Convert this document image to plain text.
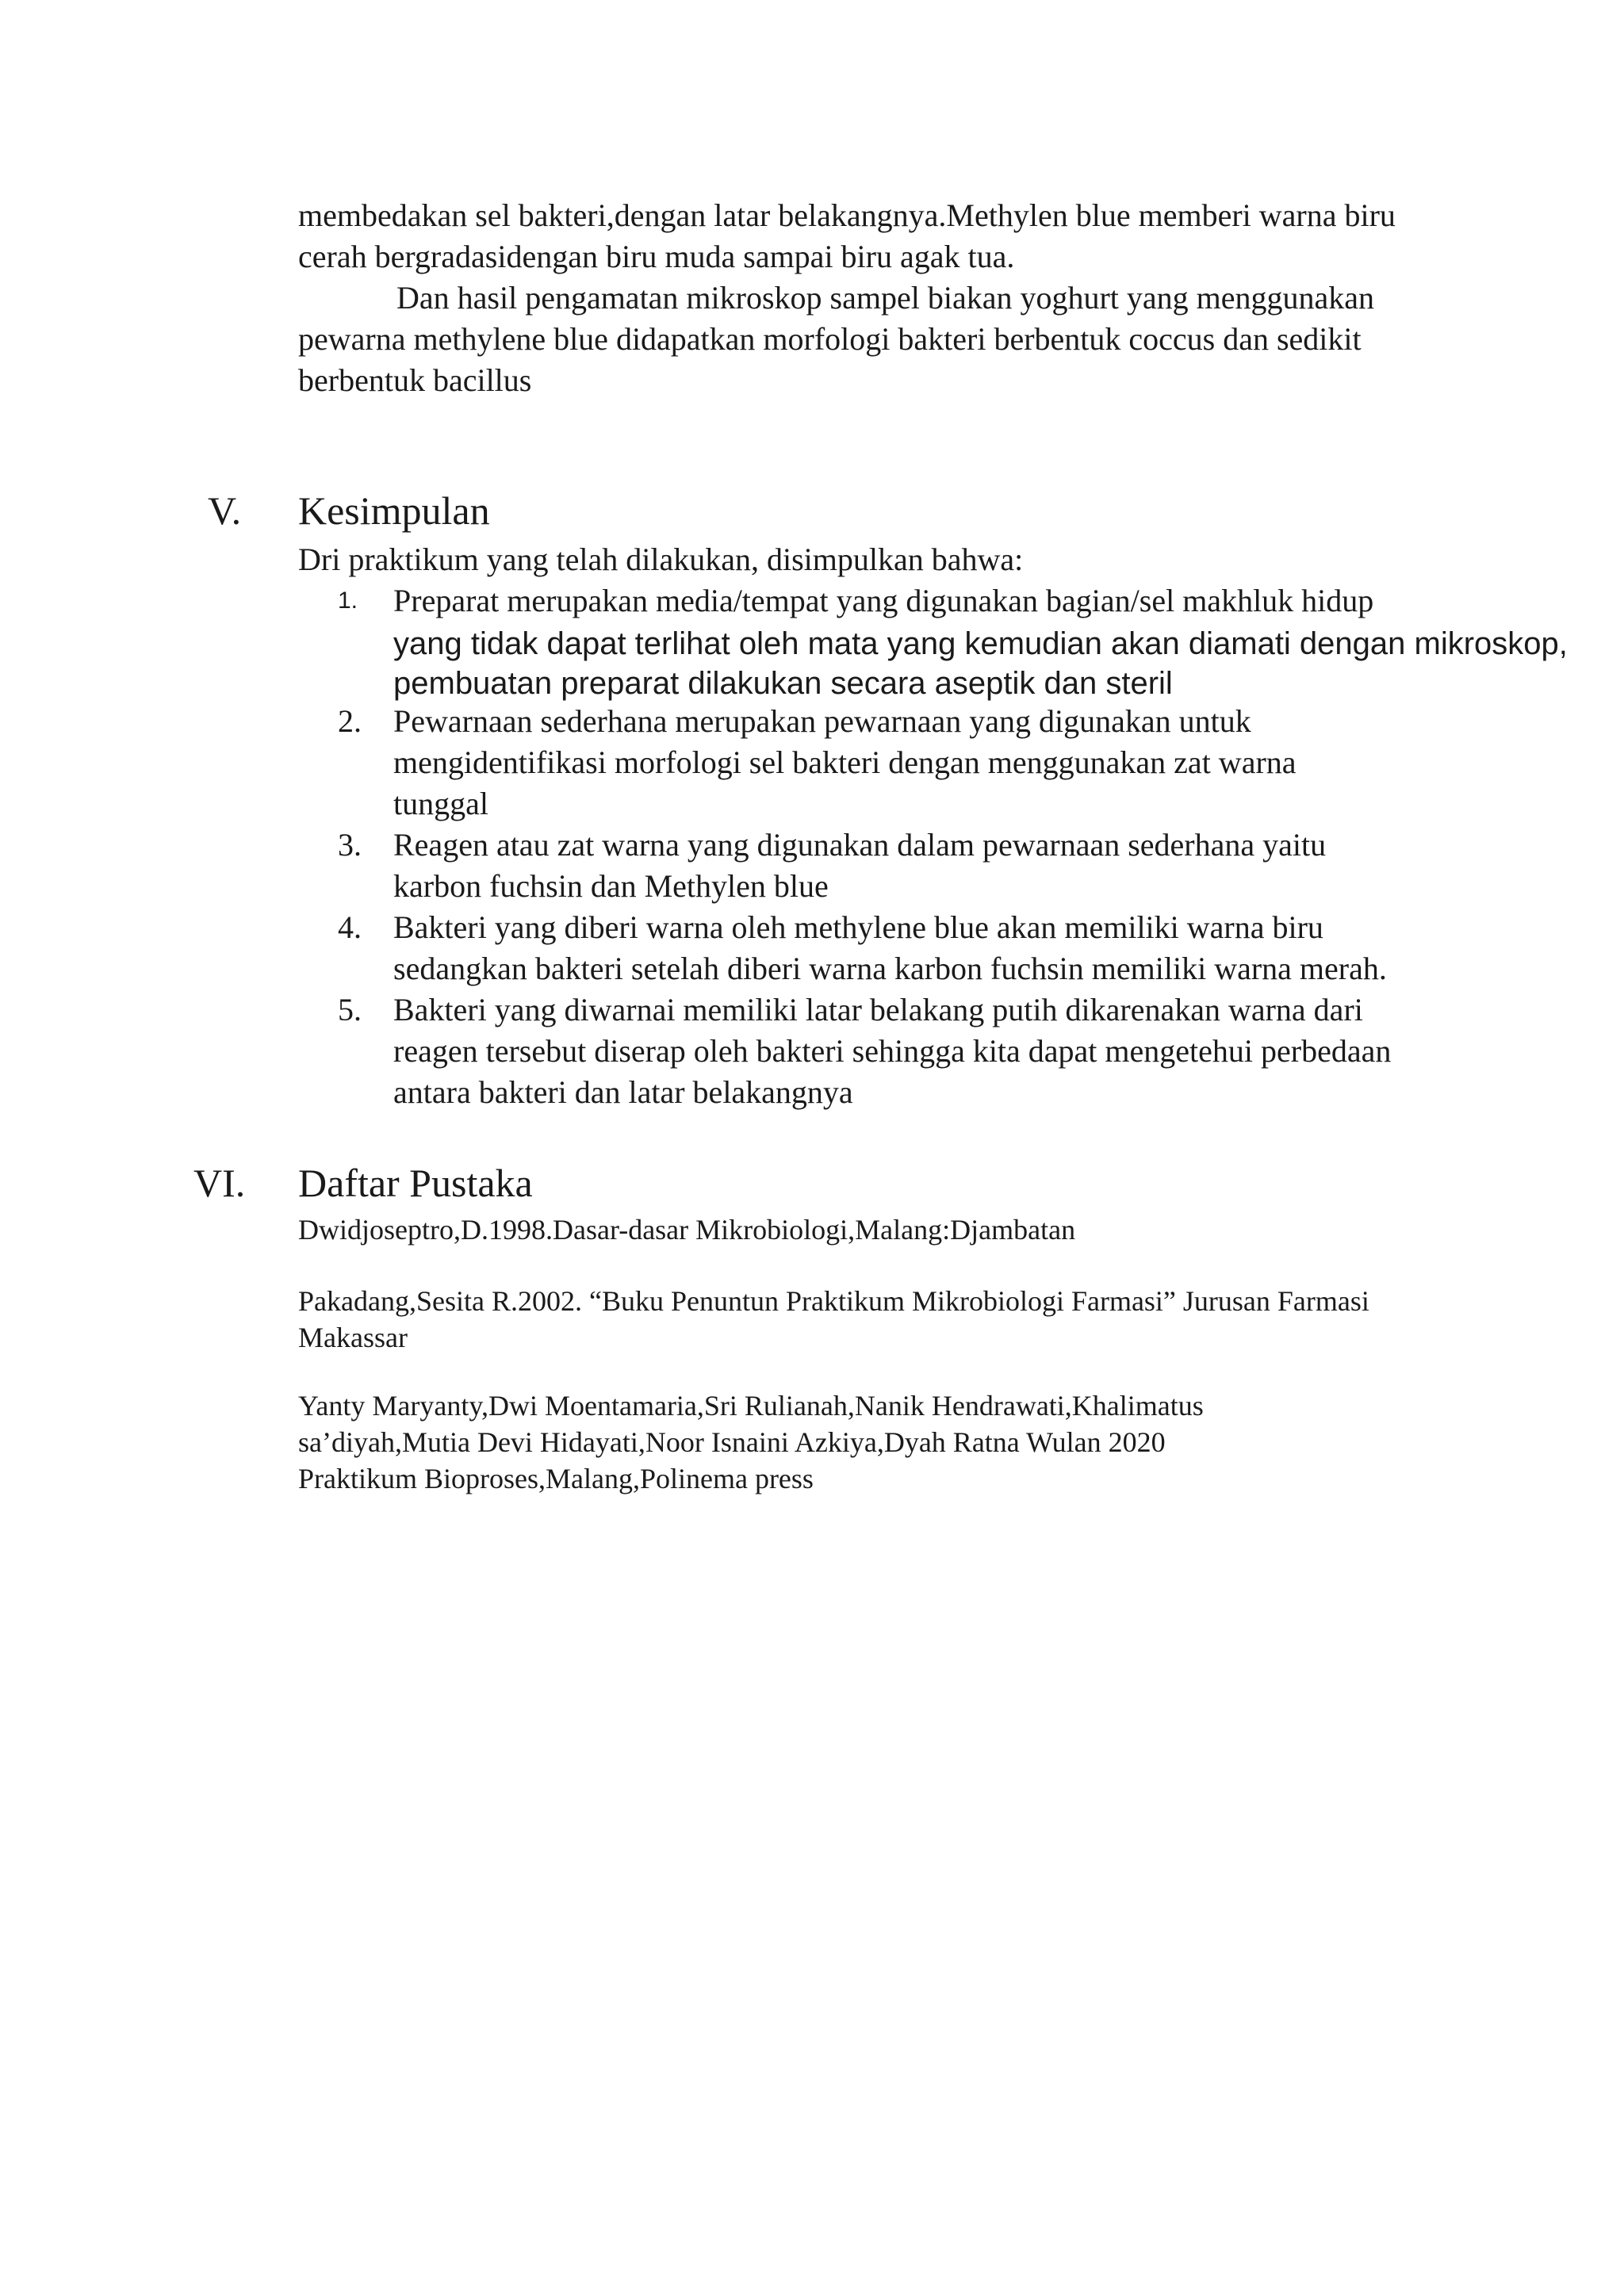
membedakan sel bakteri,dengan latar belakangnya.Methylen blue memberi warna biru
cerah bergradasidengan biru muda sampai biru agak tua.
Dan hasil pengamatan mikroskop sampel biakan yoghurt yang menggunakan
pewarna methylene blue didapatkan morfologi bakteri berbentuk coccus dan sedikit
berbentuk bacillus
V. Kesimpulan
Dri praktikum yang telah dilakukan, disimpulkan bahwa:
1. Preparat merupakan media/tempat yang digunakan bagian/sel makhluk hidup
yang tidak dapat terlihat oleh mata yang kemudian akan diamati dengan mikroskop,
pembuatan preparat dilakukan secara aseptik dan steril
2. Pewarnaan sederhana merupakan pewarnaan yang digunakan untuk
mengidentifikasi morfologi sel bakteri dengan menggunakan zat warna
tunggal
3. Reagen atau zat warna yang digunakan dalam pewarnaan sederhana yaitu
karbon fuchsin dan Methylen blue
4. Bakteri yang diberi warna oleh methylene blue akan memiliki warna biru
sedangkan bakteri setelah diberi warna karbon fuchsin memiliki warna merah.
5. Bakteri yang diwarnai memiliki latar belakang putih dikarenakan warna dari
reagen tersebut diserap oleh bakteri sehingga kita dapat mengetehui perbedaan
antara bakteri dan latar belakangnya
VI. Daftar Pustaka
Dwidjoseptro,D.1998.Dasar-dasar Mikrobiologi,Malang:Djambatan
Pakadang,Sesita R.2002. “Buku Penuntun Praktikum Mikrobiologi Farmasi” Jurusan Farmasi
Makassar
Yanty Maryanty,Dwi Moentamaria,Sri Rulianah,Nanik Hendrawati,Khalimatus
sa’diyah,Mutia Devi Hidayati,Noor Isnaini Azkiya,Dyah Ratna Wulan 2020
Praktikum Bioproses,Malang,Polinema press
